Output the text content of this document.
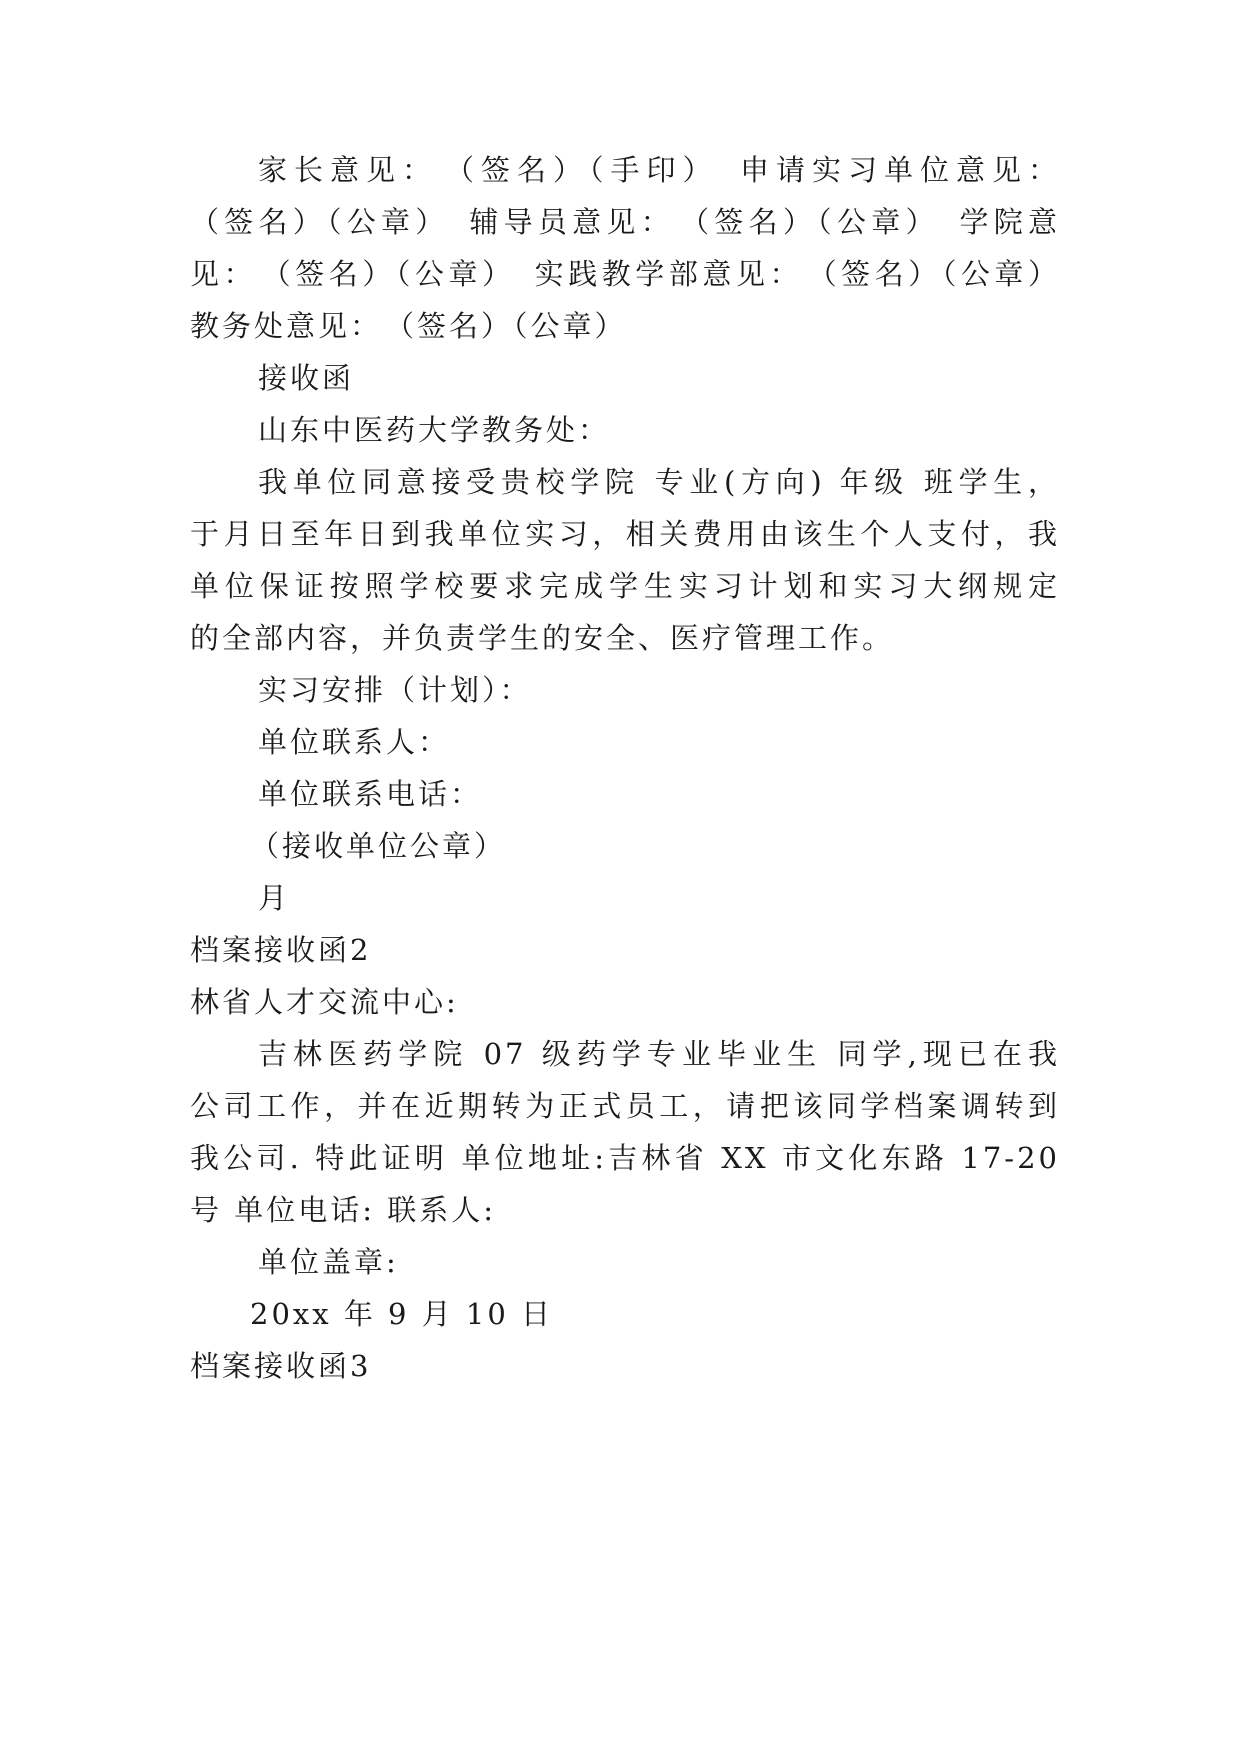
家长意见：　（签名）（手印）　申请实习单位意见：
（签名）（公章）　辅导员意见：　（签名）（公章）　学院意
见：　（签名）（公章）　实践教学部意见：　（签名）（公章）
教务处意见：　（签名）（公章）
接收函
山东中医药大学教务处：
我单位同意接受贵校学院 专业(方向) 年级 班学生，
于月日至年日到我单位实习，相关费用由该生个人支付，我
单位保证按照学校要求完成学生实习计划和实习大纲规定
的全部内容，并负责学生的安全、医疗管理工作。
实习安排（计划）：
单位联系人：
单位联系电话：
（接收单位公章）
月
档案接收函2
林省人才交流中心:
吉林医药学院 07 级药学专业毕业生 同学,现已在我
公司工作，并在近期转为正式员工，请把该同学档案调转到
我公司. 特此证明 单位地址:吉林省 XX 市文化东路 17-20
号 单位电话: 联系人:
单位盖章:
20xx 年 9 月 10 日
档案接收函3
